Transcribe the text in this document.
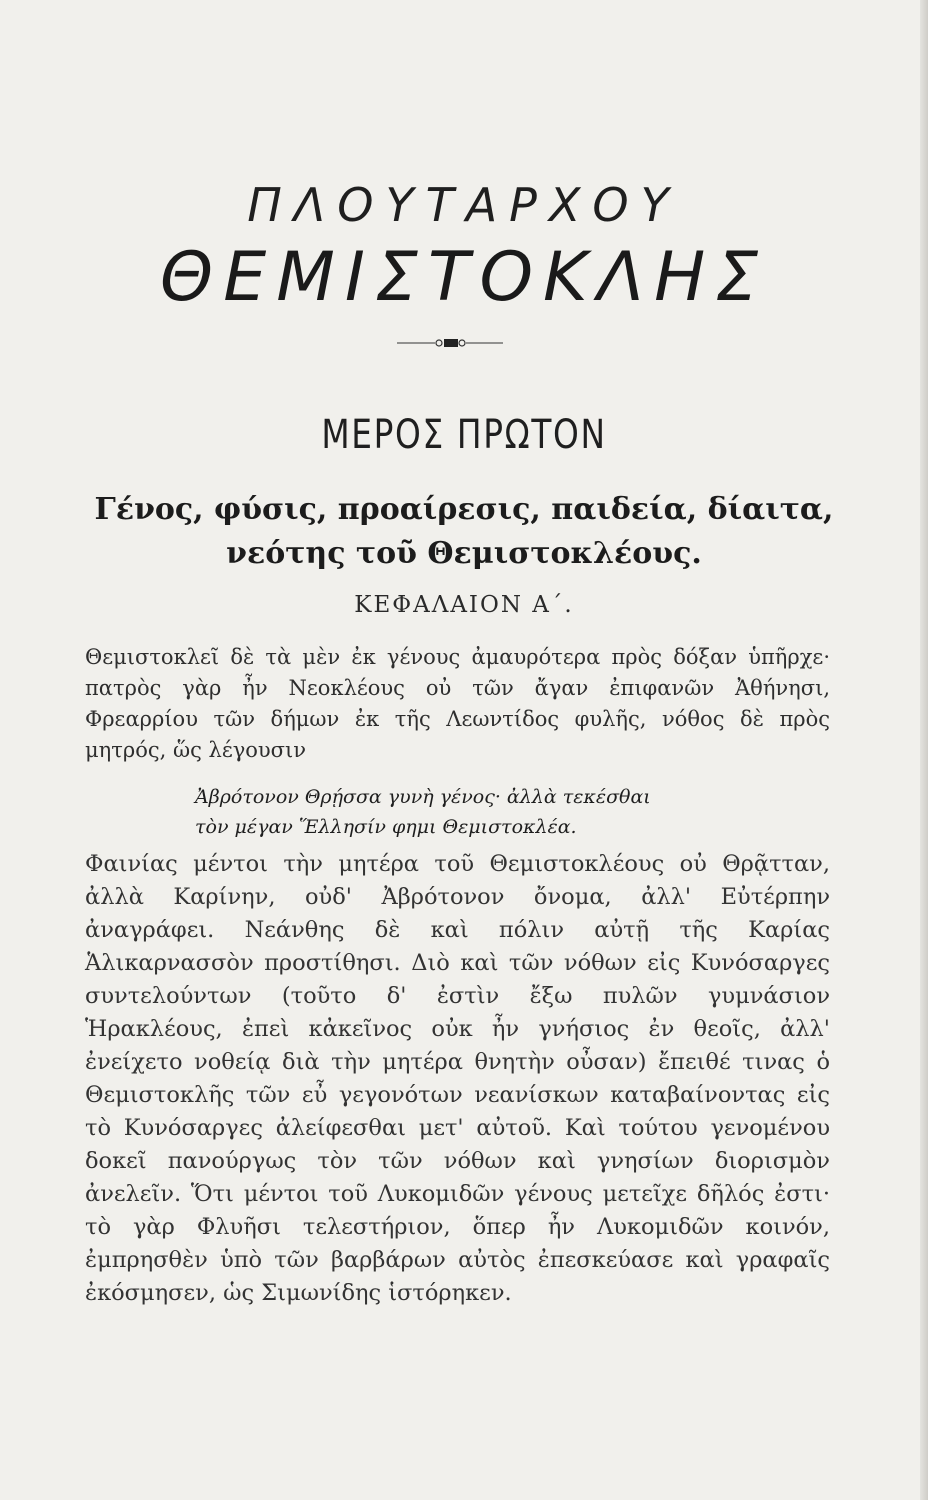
ΠΛΟΥΤΑΡΧΟΥ
ΘΕΜΙΣΤΟΚΛΗΣ
ΜΕΡΟΣ ΠΡΩΤΟΝ
Γένος, φύσις, προαίρεσις, παιδεία, δίαιτα, νεότης τοῦ Θεμιστοκλέους.
ΚΕΦΑΛΑΙΟΝ Α΄.
Θεμιστοκλεῖ δὲ τὰ μὲν ἐκ γένους ἀμαυρότερα πρὸς δόξαν ὑπῆρχε· πατρὸς γὰρ ἦν Νεοκλέους οὐ τῶν ἄγαν ἐπιφανῶν Ἀθήνησι, Φρεαρρίου τῶν δήμων ἐκ τῆς Λεωντίδος φυλῆς, νόθος δὲ πρὸς μητρός, ὥς λέγουσιν
Ἀβρότονον Θρῄσσα γυνὴ γένος· ἀλλὰ τεκέσθαι
τὸν μέγαν Ἕλλησίν φημι Θεμιστοκλέα.
Φαινίας μέντοι τὴν μητέρα τοῦ Θεμιστοκλέους οὐ Θρᾷτταν, ἀλλὰ Καρίνην, οὐδ' Ἀβρότονον ὄνομα, ἀλλ' Εὐτέρπην ἀναγράφει. Νεάνθης δὲ καὶ πόλιν αὐτῇ τῆς Καρίας Ἁλικαρνασσὸν προστίθησι. Διὸ καὶ τῶν νόθων εἰς Κυνόσαργες συντελούντων (τοῦτο δ' ἐστὶν ἔξω πυλῶν γυμνάσιον Ἡρακλέους, ἐπεὶ κἀκεῖνος οὐκ ἦν γνήσιος ἐν θεοῖς, ἀλλ' ἐνείχετο νοθείᾳ διὰ τὴν μητέρα θνητὴν οὖσαν) ἔπειθέ τινας ὁ Θεμιστοκλῆς τῶν εὖ γεγονότων νεανίσκων καταβαίνοντας εἰς τὸ Κυνόσαργες ἀλείφεσθαι μετ' αὐτοῦ. Καὶ τούτου γενομένου δοκεῖ πανούργως τὸν τῶν νόθων καὶ γνησίων διορισμὸν ἀνελεῖν. Ὅτι μέντοι τοῦ Λυκομιδῶν γένους μετεῖχε δῆλός ἐστι· τὸ γὰρ Φλυῆσι τελεστήριον, ὅπερ ἦν Λυκομιδῶν κοινόν, ἐμπρησθὲν ὑπὸ τῶν βαρβάρων αὐτὸς ἐπεσκεύασε καὶ γραφαῖς ἐκόσμησεν, ὡς Σιμωνίδης ἱστόρηκεν.
